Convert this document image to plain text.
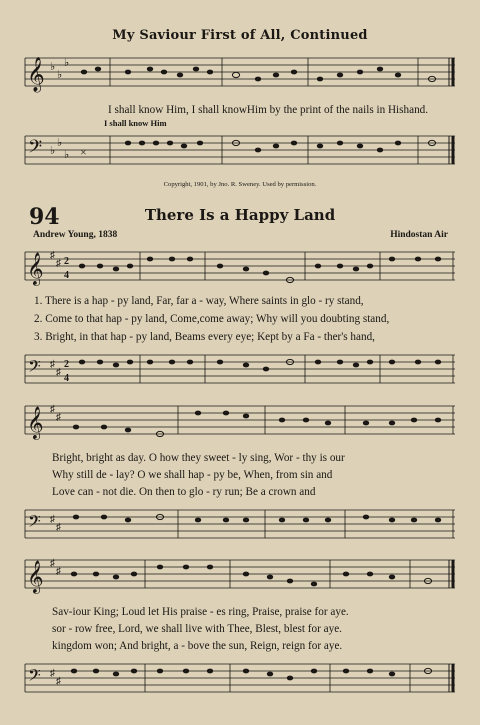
My Saviour First of All, Continued
𝄞 ♭
♭
♭
I shall know Him, I shall knowHim by the print of the nails in Hishand.
I shall know Him
𝄢 ♭
♭
♭ ×
Copyright, 1901, by Jno. R. Sweney. Used by permission.
94	There Is a Happy Land
Andrew Young, 1838	Hindostan Air
𝄞 ♯
♯ 2
4
1. There is a hap - py land, Far, far a - way, Where saints in glo - ry stand,
2. Come to that hap - py land, Come,come away; Why will you doubting stand,
3. Bright, in that hap - py land, Beams every eye; Kept by a Fa - ther's hand,
𝄢 ♯
♯
2
4
𝄞 ♯
♯
Bright, bright as day. O how they sweet - ly sing, Wor - thy is our
Why still de - lay? O we shall hap - py be, When, from sin and
Love can - not die. On then to glo - ry run; Be a crown and
𝄢 ♯
♯
𝄞 ♯
♯
Sav-iour King; Loud let His praise - es ring, Praise, praise for aye.
sor - row free, Lord, we shall live with Thee, Blest, blest for aye.
kingdom won; And bright, a - bove the sun, Reign, reign for aye.
𝄢 ♯
♯
